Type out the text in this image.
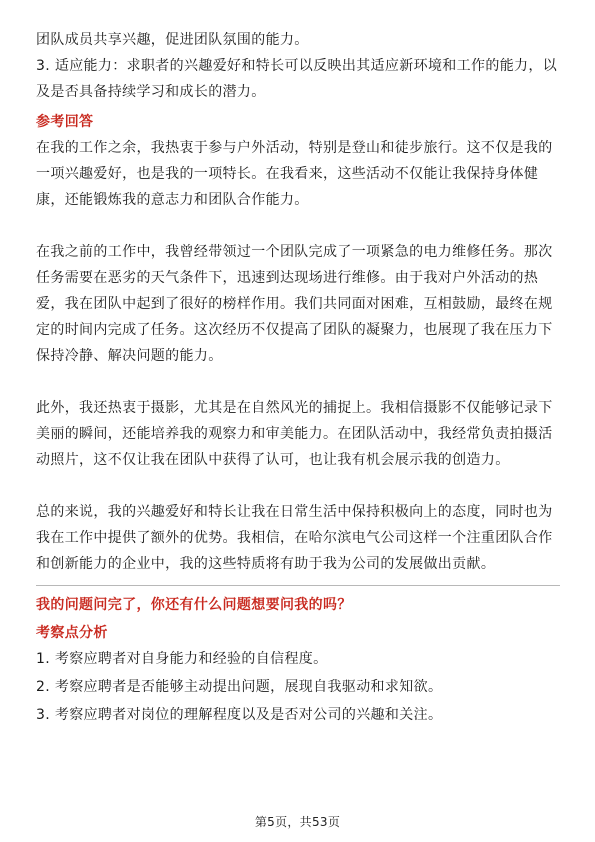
团队成员共享兴趣，促进团队氛围的能力。

3. 适应能力：求职者的兴趣爱好和特长可以反映出其适应新环境和工作的能力，以及是否具备持续学习和成长的潜力。

参考回答

在我的工作之余，我热衷于参与户外活动，特别是登山和徒步旅行。这不仅是我的一项兴趣爱好，也是我的一项特长。在我看来，这些活动不仅能让我保持身体健康，还能锻炼我的意志力和团队合作能力。

在我之前的工作中，我曾经带领过一个团队完成了一项紧急的电力维修任务。那次任务需要在恶劣的天气条件下，迅速到达现场进行维修。由于我对户外活动的热爱，我在团队中起到了很好的榜样作用。我们共同面对困难，互相鼓励，最终在规定的时间内完成了任务。这次经历不仅提高了团队的凝聚力，也展现了我在压力下保持冷静、解决问题的能力。

此外，我还热衷于摄影，尤其是在自然风光的捕捉上。我相信摄影不仅能够记录下美丽的瞬间，还能培养我的观察力和审美能力。在团队活动中，我经常负责拍摄活动照片，这不仅让我在团队中获得了认可，也让我有机会展示我的创造力。

总的来说，我的兴趣爱好和特长让我在日常生活中保持积极向上的态度，同时也为我在工作中提供了额外的优势。我相信，在哈尔滨电气公司这样一个注重团队合作和创新能力的企业中，我的这些特质将有助于我为公司的发展做出贡献。

我的问题问完了，你还有什么问题想要问我的吗？
考察点分析

1. 考察应聘者对自身能力和经验的自信程度。

2. 考察应聘者是否能够主动提出问题，展现自我驱动和求知欲。

3. 考察应聘者对岗位的理解程度以及是否对公司的兴趣和关注。

第5页，共53页
